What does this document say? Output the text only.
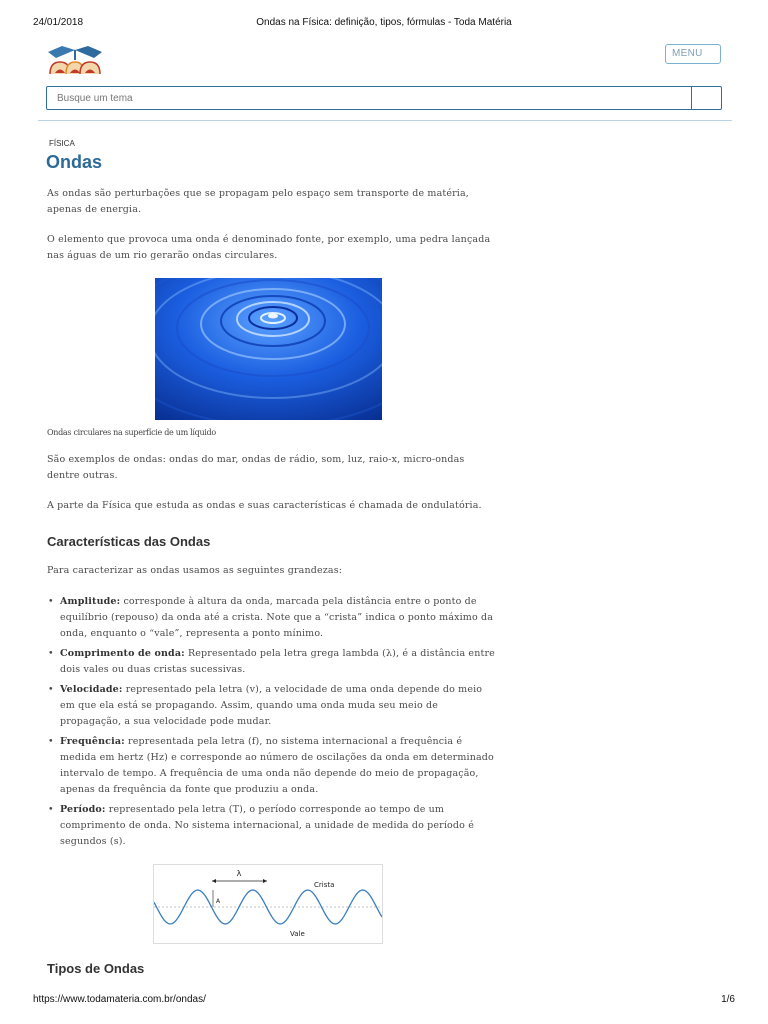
24/01/2018	Ondas na Física: definição, tipos, fórmulas - Toda Matéria
MENU
Busque um tema
FÍSICA
Ondas

As ondas são perturbações que se propagam pelo espaço sem transporte de matéria, apenas de energia.

O elemento que provoca uma onda é denominado fonte, por exemplo, uma pedra lançada nas águas de um rio gerarão ondas circulares.

Ondas circulares na superfície de um líquido

São exemplos de ondas: ondas do mar, ondas de rádio, som, luz, raio-x, micro-ondas dentre outras.

A parte da Física que estuda as ondas e suas características é chamada de ondulatória.

Características das Ondas

Para caracterizar as ondas usamos as seguintes grandezas:

• Amplitude: corresponde à altura da onda, marcada pela distância entre o ponto de equilíbrio (repouso) da onda até a crista. Note que a “crista” indica o ponto máximo da onda, enquanto o “vale”, representa a ponto mínimo.
• Comprimento de onda: Representado pela letra grega lambda (λ), é a distância entre dois vales ou duas cristas sucessivas.
• Velocidade: representado pela letra (v), a velocidade de uma onda depende do meio em que ela está se propagando. Assim, quando uma onda muda seu meio de propagação, a sua velocidade pode mudar.
• Frequência: representada pela letra (f), no sistema internacional a frequência é medida em hertz (Hz) e corresponde ao número de oscilações da onda em determinado intervalo de tempo. A frequência de uma onda não depende do meio de propagação, apenas da frequência da fonte que produziu a onda.
• Período: representado pela letra (T), o período corresponde ao tempo de um comprimento de onda. No sistema internacional, a unidade de medida do período é segundos (s).
λ
A
Crista
Vale
Tipos de Ondas
https://www.todamateria.com.br/ondas/	1/6
